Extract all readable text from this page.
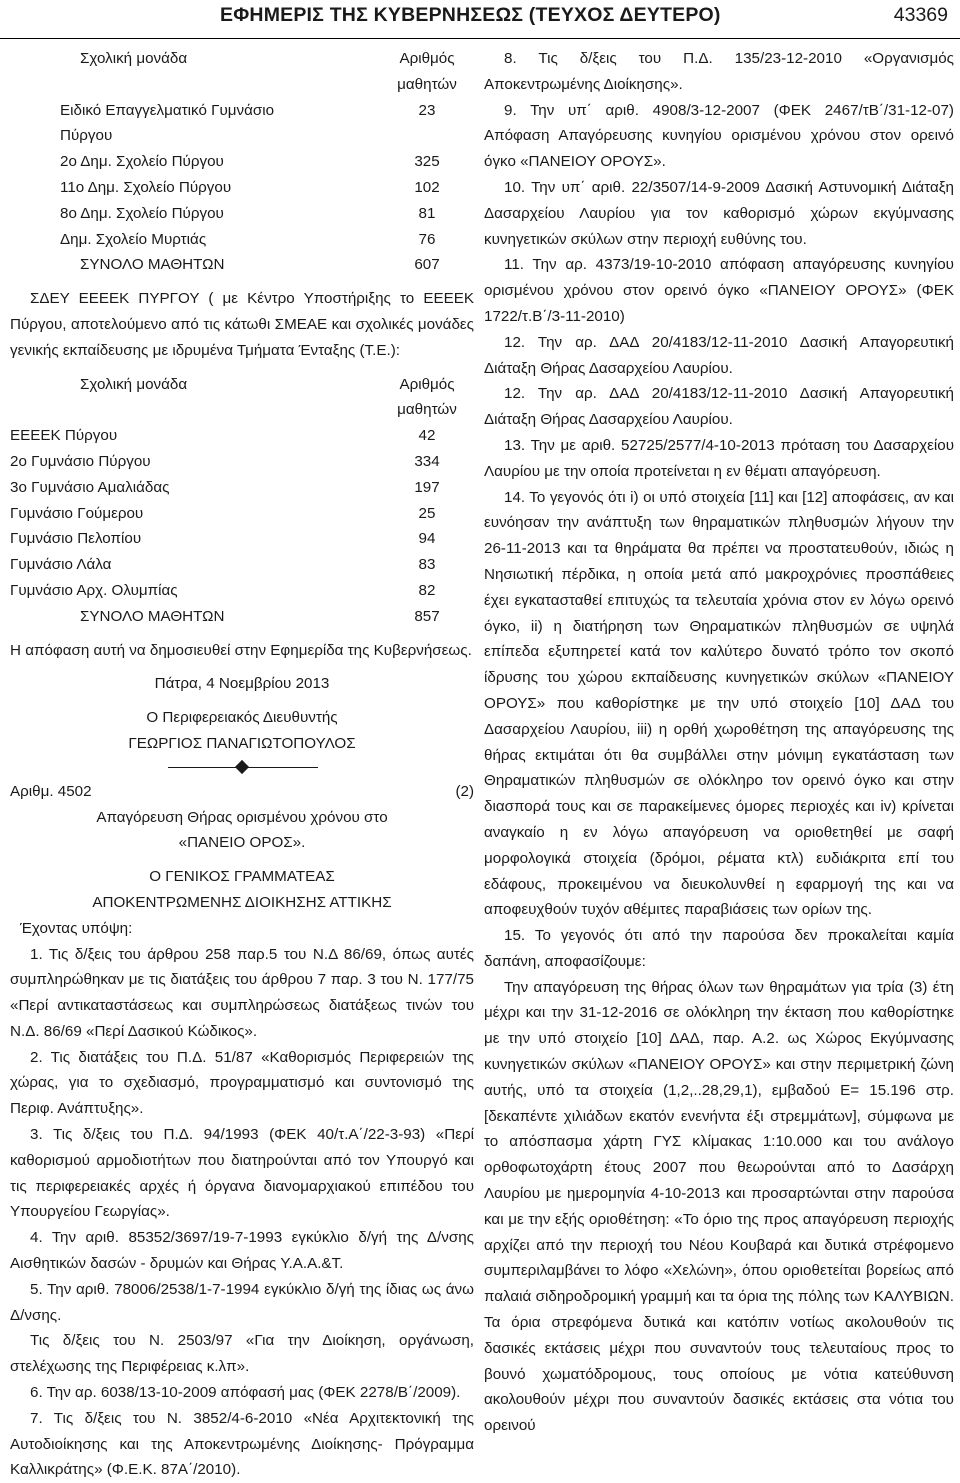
ΕΦΗΜΕΡΙΣ ΤΗΣ ΚΥΒΕΡΝΗΣΕΩΣ (ΤΕΥΧΟΣ ΔΕΥΤΕΡΟ)	43369
Σχολική μονάδα	Αριθμός μαθητών
Ειδικό Επαγγελματικό Γυμνάσιο	23
Πύργου	
2ο Δημ. Σχολείο Πύργου	325
11ο Δημ. Σχολείο Πύργου	102
8ο Δημ. Σχολείο Πύργου	81
Δημ. Σχολείο Μυρτιάς	76
ΣΥΝΟΛΟ ΜΑΘΗΤΩΝ	607
ΣΔΕΥ ΕΕΕΕΚ ΠΥΡΓΟΥ ( με Κέντρο Υποστήριξης το ΕΕΕΕΚ Πύργου, αποτελούμενο από τις κάτωθι ΣΜΕΑΕ και σχολικές μονάδες γενικής εκπαίδευσης με ιδρυμένα Τμήματα Ένταξης (Τ.Ε.):
Σχολική μονάδα	Αριθμός μαθητών
ΕΕΕΕΚ Πύργου	42
2ο Γυμνάσιο Πύργου	334
3ο Γυμνάσιο Αμαλιάδας	197
Γυμνάσιο Γούμερου	25
Γυμνάσιο Πελοπίου	94
Γυμνάσιο Λάλα	83
Γυμνάσιο Αρχ. Ολυμπίας	82
ΣΥΝΟΛΟ ΜΑΘΗΤΩΝ	857
Η απόφαση αυτή να δημοσιευθεί στην Εφημερίδα της Κυβερνήσεως.
Πάτρα, 4 Νοεμβρίου 2013
Ο Περιφερειακός Διευθυντής
ΓΕΩΡΓΙΟΣ ΠΑΝΑΓΙΩΤΟΠΟΥΛΟΣ
Αριθμ. 4502	(2)
Απαγόρευση Θήρας ορισμένου χρόνου στο
«ΠΑΝΕΙΟ ΟΡΟΣ».
Ο ΓΕΝΙΚΟΣ ΓΡΑΜΜΑΤΕΑΣ
ΑΠΟΚΕΝΤΡΩΜΕΝΗΣ ΔΙΟΙΚΗΣΗΣ ΑΤΤΙΚΗΣ
Έχοντας υπόψη:
1. Τις δ/ξεις του άρθρου 258 παρ.5 του Ν.Δ 86/69, όπως αυτές συμπληρώθηκαν με τις διατάξεις του άρθρου 7 παρ. 3 του Ν. 177/75 «Περί αντικαταστάσεως και συμπληρώσεως διατάξεως τινών του Ν.Δ. 86/69 «Περί Δασικού Κώδικος».
2. Τις διατάξεις του Π.Δ. 51/87 «Καθορισμός Περιφερειών της χώρας, για το σχεδιασμό, προγραμματισμό και συντονισμό της Περιφ. Ανάπτυξης».
3. Τις δ/ξεις του Π.Δ. 94/1993 (ΦΕΚ 40/τ.Α΄/22-3-93) «Περί καθορισμού αρμοδιοτήτων που διατηρούνται από τον Υπουργό και τις περιφερειακές αρχές ή όργανα διανομαρχιακού επιπέδου του Υπουργείου Γεωργίας».
4. Την αριθ. 85352/3697/19-7-1993 εγκύκλιο δ/γή της Δ/νσης Αισθητικών δασών - δρυμών και Θήρας Υ.Α.Α.&Τ.
5. Την αριθ. 78006/2538/1-7-1994 εγκύκλιο δ/γή της ίδιας ως άνω Δ/νσης.
Τις δ/ξεις του Ν. 2503/97 «Για την Διοίκηση, οργάνωση, στελέχωσης της Περιφέρειας κ.λπ».
6. Την αρ. 6038/13-10-2009 απόφασή μας (ΦΕΚ 2278/Β΄/2009).
7. Τις δ/ξεις του Ν. 3852/4-6-2010 «Νέα Αρχιτεκτονική της Αυτοδιοίκησης και της Αποκεντρωμένης Διοίκησης- Πρόγραμμα Καλλικράτης» (Φ.Ε.Κ. 87Α΄/2010).
8. Τις δ/ξεις του Π.Δ. 135/23-12-2010 «Οργανισμός Αποκεντρωμένης Διοίκησης».
9. Την υπ΄ αριθ. 4908/3-12-2007 (ΦΕΚ 2467/τΒ΄/31-12-07) Απόφαση Απαγόρευσης κυνηγίου ορισμένου χρόνου στον ορεινό όγκο «ΠΑΝΕΙΟΥ ΟΡΟΥΣ».
10. Την υπ΄ αριθ. 22/3507/14-9-2009 Δασική Αστυνομική Διάταξη Δασαρχείου Λαυρίου για τον καθορισμό χώρων εκγύμνασης κυνηγετικών σκύλων στην περιοχή ευθύνης του.
11. Την αρ. 4373/19-10-2010 απόφαση απαγόρευσης κυνηγίου ορισμένου χρόνου στον ορεινό όγκο «ΠΑΝΕΙΟΥ ΟΡΟΥΣ» (ΦΕΚ 1722/τ.Β΄/3-11-2010)
12. Την αρ. ΔΑΔ 20/4183/12-11-2010 Δασική Απαγορευτική Διάταξη Θήρας Δασαρχείου Λαυρίου.
12. Την αρ. ΔΑΔ 20/4183/12-11-2010 Δασική Απαγορευτική Διάταξη Θήρας Δασαρχείου Λαυρίου.
13. Την με αριθ. 52725/2577/4-10-2013 πρόταση του Δασαρχείου Λαυρίου με την οποία προτείνεται η εν θέματι απαγόρευση.
14. Το γεγονός ότι i) οι υπό στοιχεία [11] και [12] αποφάσεις, αν και ευνόησαν την ανάπτυξη των θηραματικών πληθυσμών λήγουν την 26-11-2013 και τα θηράματα θα πρέπει να προστατευθούν, ιδιώς η Νησιωτική πέρδικα, η οποία μετά από μακροχρόνιες προσπάθειες έχει εγκατασταθεί επιτυχώς τα τελευταία χρόνια στον εν λόγω ορεινό όγκο, ii) η διατήρηση των Θηραματικών πληθυσμών σε υψηλά επίπεδα εξυπηρετεί κατά τον καλύτερο δυνατό τρόπο τον σκοπό ίδρυσης του χώρου εκπαίδευσης κυνηγετικών σκύλων «ΠΑΝΕΙΟΥ ΟΡΟΥΣ» που καθορίστηκε με την υπό στοιχείο [10] ΔΑΔ του Δασαρχείου Λαυρίου, iii) η ορθή χωροθέτηση της απαγόρευσης της θήρας εκτιμάται ότι θα συμβάλλει στην μόνιμη εγκατάσταση των Θηραματικών πληθυσμών σε ολόκληρο τον ορεινό όγκο και στην διασπορά τους και σε παρακείμενες όμορες περιοχές και iv) κρίνεται αναγκαίο η εν λόγω απαγόρευση να οριοθετηθεί με σαφή μορφολογικά στοιχεία (δρόμοι, ρέματα κτλ) ευδιάκριτα επί του εδάφους, προκειμένου να διευκολυνθεί η εφαρμογή της και να αποφευχθούν τυχόν αθέμιτες παραβιάσεις των ορίων της.
15. Το γεγονός ότι από την παρούσα δεν προκαλείται καμία δαπάνη, αποφασίζουμε:
Την απαγόρευση της θήρας όλων των θηραμάτων για τρία (3) έτη μέχρι και την 31-12-2016 σε ολόκληρη την έκταση που καθορίστηκε με την υπό στοιχείο [10] ΔΑΔ, παρ. Α.2. ως Χώρος Εκγύμνασης κυνηγετικών σκύλων «ΠΑΝΕΙΟΥ ΟΡΟΥΣ» και στην περιμετρική ζώνη αυτής, υπό τα στοιχεία (1,2,..28,29,1), εμβαδού Ε= 15.196 στρ.[δεκαπέντε χιλιάδων εκατόν ενενήντα έξι στρεμμάτων], σύμφωνα με το απόσπασμα χάρτη ΓΥΣ κλίμακας 1:10.000 και του ανάλογο ορθοφωτοχάρτη έτους 2007 που θεωρούνται από το Δασάρχη Λαυρίου με ημερομηνία 4-10-2013 και προσαρτώνται στην παρούσα και με την εξής οριοθέτηση: «Το όριο της προς απαγόρευση περιοχής αρχίζει από την περιοχή του Νέου Κουβαρά και δυτικά στρέφομενο συμπεριλαμβάνει το λόφο «Χελώνη», όπου οριοθετείται βορείως από παλαιά σιδηροδρομική γραμμή και τα όρια της πόλης των ΚΑΛΥΒΙΩΝ. Τα όρια στρεφόμενα δυτικά και κατόπιν νοτίως ακολουθούν τις δασικές εκτάσεις μέχρι που συναντούν τους τελευταίους προς το βουνό χωματόδρομους, τους οποίους με νότια κατεύθυνση ακολουθούν μέχρι που συναντούν δασικές εκτάσεις στα νότια του ορεινού
